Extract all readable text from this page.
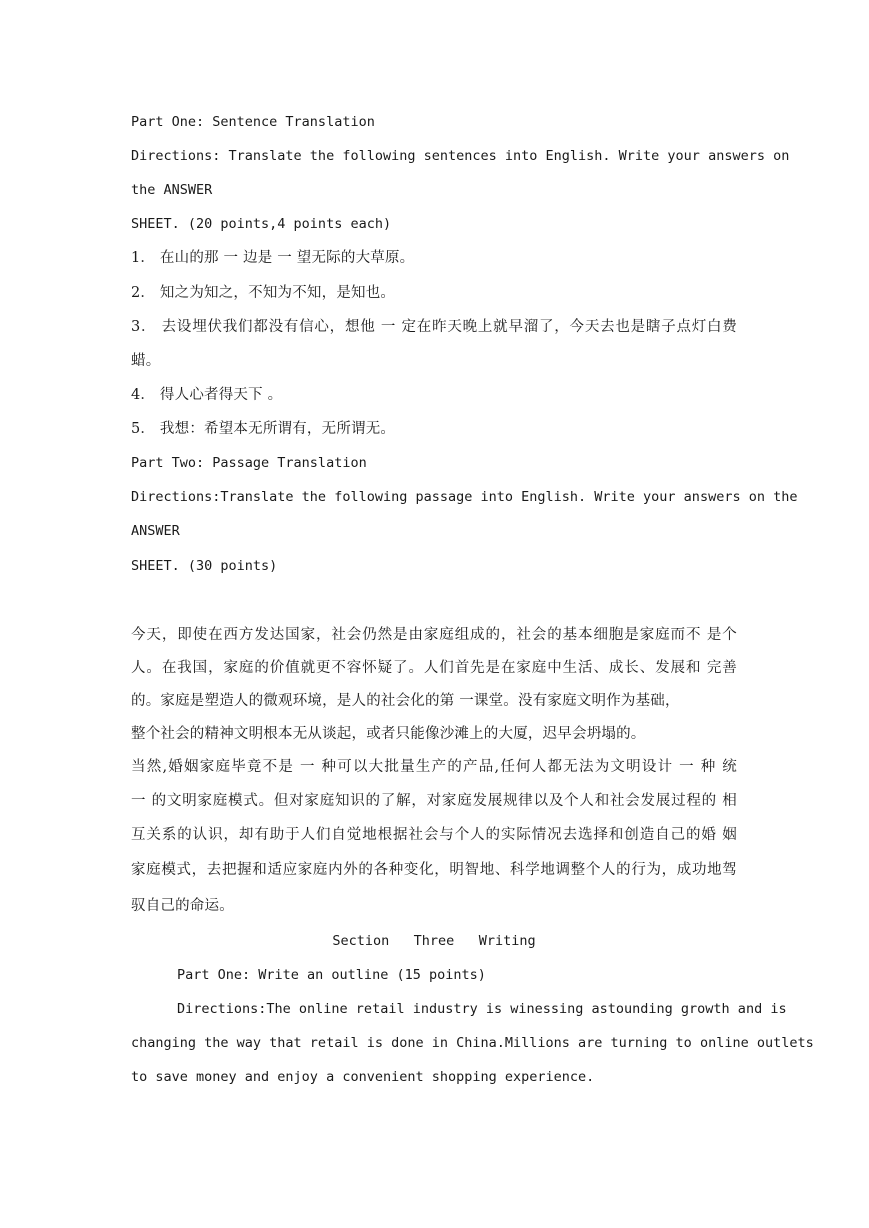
Part One: Sentence Translation
Directions: Translate the following sentences into English. Write your answers on
the ANSWER
SHEET. (20 points,4 points each)
1． 在山的那 一 边是 一 望无际的大草原。
2． 知之为知之，不知为不知，是知也。
3． 去设埋伏我们都没有信心，想他 一 定在昨天晚上就早溜了，今天去也是瞎子点灯白费
蜡。
4． 得人心者得天下 。
5． 我想：希望本无所谓有，无所谓无。
Part Two: Passage Translation
Directions:Translate the following passage into English. Write your answers on the
ANSWER
SHEET. (30 points)
今天，即使在西方发达国家，社会仍然是由家庭组成的，社会的基本细胞是家庭而不 是个
人。在我国，家庭的价值就更不容怀疑了。人们首先是在家庭中生活、成长、发展和 完善
的。家庭是塑造人的微观环境，是人的社会化的第 一课堂。没有家庭文明作为基础，
整个社会的精神文明根本无从谈起，或者只能像沙滩上的大厦，迟早会坍塌的。
当然,婚姻家庭毕竟不是 一 种可以大批量生产的产品,任何人都无法为文明设计 一 种 统
一 的文明家庭模式。但对家庭知识的了解，对家庭发展规律以及个人和社会发展过程的 相
互关系的认识，却有助于人们自觉地根据社会与个人的实际情况去选择和创造自己的婚 姻
家庭模式，去把握和适应家庭内外的各种变化，明智地、科学地调整个人的行为，成功地驾
驭自己的命运。
Section   Three   Writing
Part One: Write an outline (15 points)
Directions:The online retail industry is winessing astounding growth and is
changing the way that retail is done in China.Millions are turning to online outlets
to save money and enjoy a convenient shopping experience.
